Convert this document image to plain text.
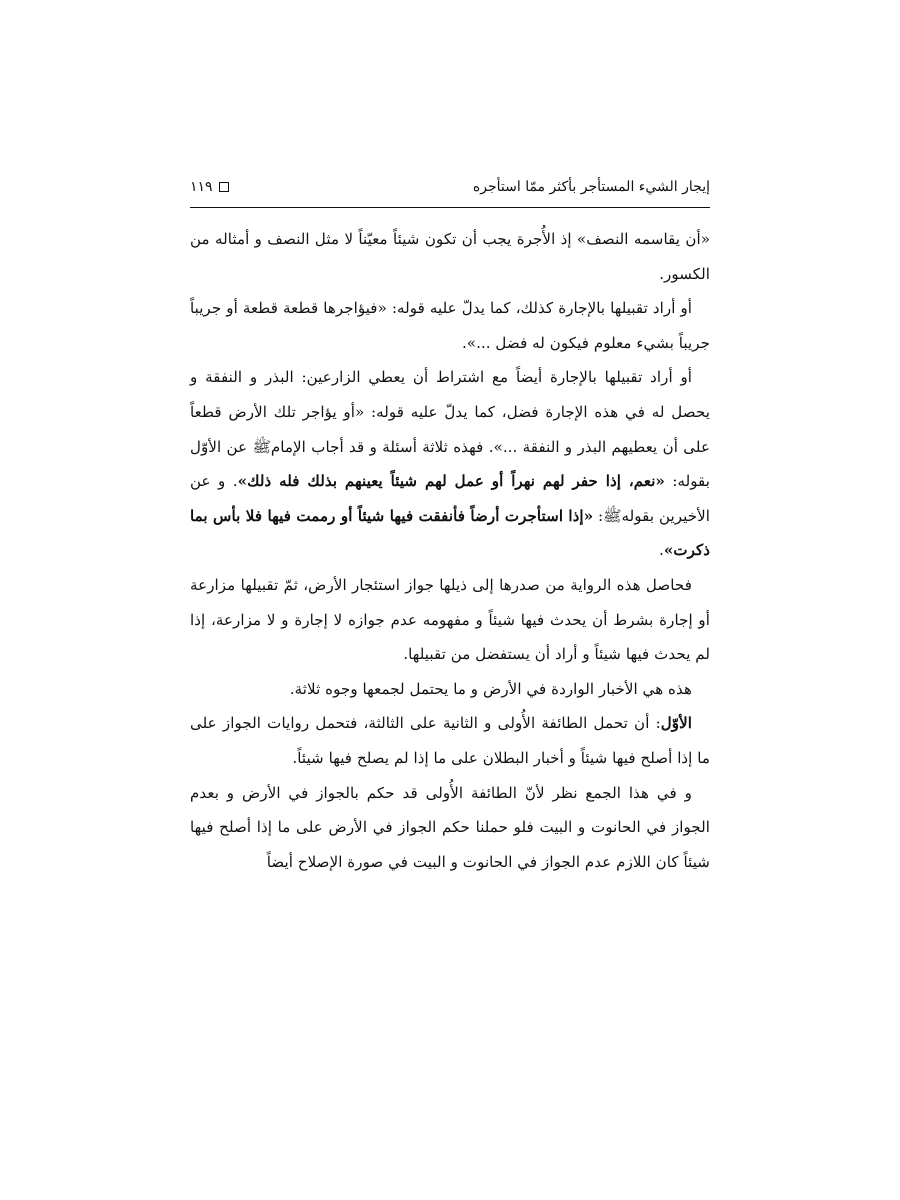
إيجار الشيء المستأجر بأكثر ممّا استأجره
١١٩

«أن يقاسمه النصف» إذ الأُجرة يجب أن تكون شيئاً معيّناً لا مثل النصف و أمثاله من الكسور.

أو أراد تقبيلها بالإجارة كذلك، كما يدلّ عليه قوله: «فيؤاجرها قطعة قطعة أو جريباً جريباً بشيء معلوم فيكون له فضل ...».

أو أراد تقبيلها بالإجارة أيضاً مع اشتراط أن يعطي الزارعين: البذر و النفقة و يحصل له في هذه الإجارة فضل، كما يدلّ عليه قوله: «أو يؤاجر تلك الأرض قطعاً على أن يعطيهم البذر و النفقة ...». فهذه ثلاثة أسئلة و قد أجاب الإمامﷺ عن الأوّل بقوله: «نعم، إذا حفر لهم نهراً أو عمل لهم شيئاً يعينهم بذلك فله ذلك». و عن الأخيرين بقولهﷺ: «إذا استأجرت أرضاً فأنفقت فيها شيئاً أو رممت فيها فلا بأس بما ذكرت».

فحاصل هذه الرواية من صدرها إلى ذيلها جواز استئجار الأرض، ثمّ تقبيلها مزارعة أو إجارة بشرط أن يحدث فيها شيئاً و مفهومه عدم جوازه لا إجارة و لا مزارعة، إذا لم يحدث فيها شيئاً و أراد أن يستفضل من تقبيلها.

هذه هي الأخبار الواردة في الأرض و ما يحتمل لجمعها وجوه ثلاثة.

الأوّل: أن تحمل الطائفة الأُولى و الثانية على الثالثة، فتحمل روايات الجواز على ما إذا أصلح فيها شيئاً و أخبار البطلان على ما إذا لم يصلح فيها شيئاً.

و في هذا الجمع نظر لأنّ الطائفة الأُولى قد حكم بالجواز في الأرض و بعدم الجواز في الحانوت و البيت فلو حملنا حكم الجواز في الأرض على ما إذا أصلح فيها شيئاً كان اللازم عدم الجواز في الحانوت و البيت في صورة الإصلاح أيضاً
